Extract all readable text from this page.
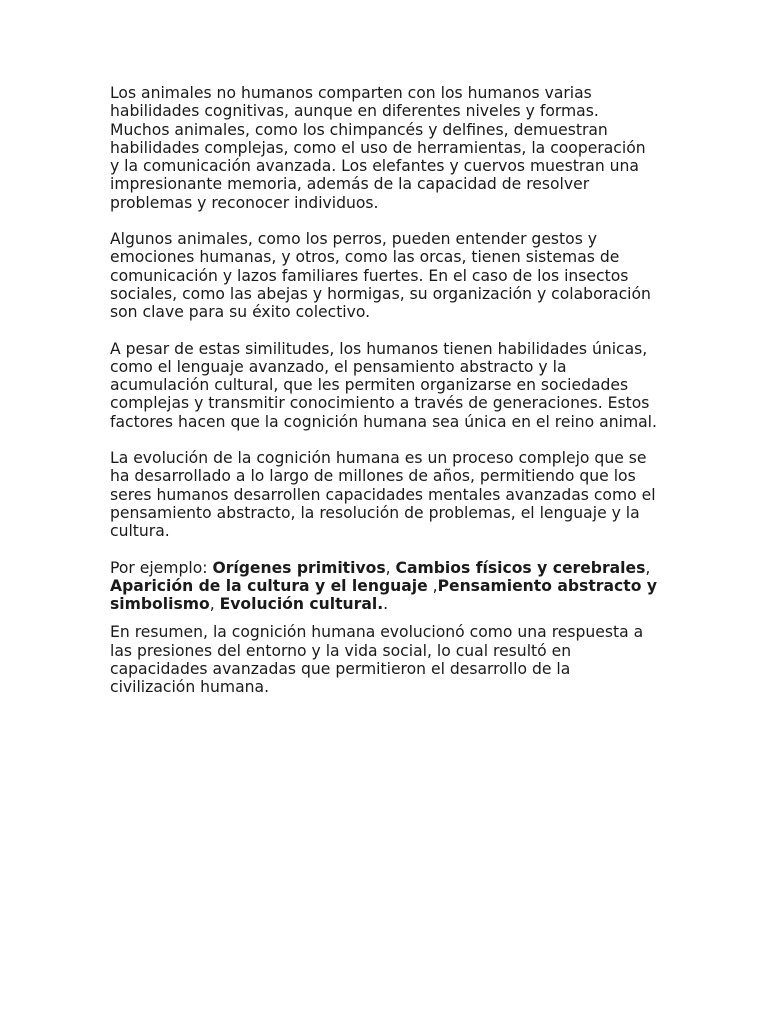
Los animales no humanos comparten con los humanos varias habilidades cognitivas, aunque en diferentes niveles y formas. Muchos animales, como los chimpancés y delfines, demuestran habilidades complejas, como el uso de herramientas, la cooperación y la comunicación avanzada. Los elefantes y cuervos muestran una impresionante memoria, además de la capacidad de resolver problemas y reconocer individuos.

Algunos animales, como los perros, pueden entender gestos y emociones humanas, y otros, como las orcas, tienen sistemas de comunicación y lazos familiares fuertes. En el caso de los insectos sociales, como las abejas y hormigas, su organización y colaboración son clave para su éxito colectivo.

A pesar de estas similitudes, los humanos tienen habilidades únicas, como el lenguaje avanzado, el pensamiento abstracto y la acumulación cultural, que les permiten organizarse en sociedades complejas y transmitir conocimiento a través de generaciones. Estos factores hacen que la cognición humana sea única en el reino animal.

La evolución de la cognición humana es un proceso complejo que se ha desarrollado a lo largo de millones de años, permitiendo que los seres humanos desarrollen capacidades mentales avanzadas como el pensamiento abstracto, la resolución de problemas, el lenguaje y la cultura.

Por ejemplo: Orígenes primitivos, Cambios físicos y cerebrales, Aparición de la cultura y el lenguaje ,Pensamiento abstracto y simbolismo, Evolución cultural..

En resumen, la cognición humana evolucionó como una respuesta a las presiones del entorno y la vida social, lo cual resultó en capacidades avanzadas que permitieron el desarrollo de la civilización humana.
